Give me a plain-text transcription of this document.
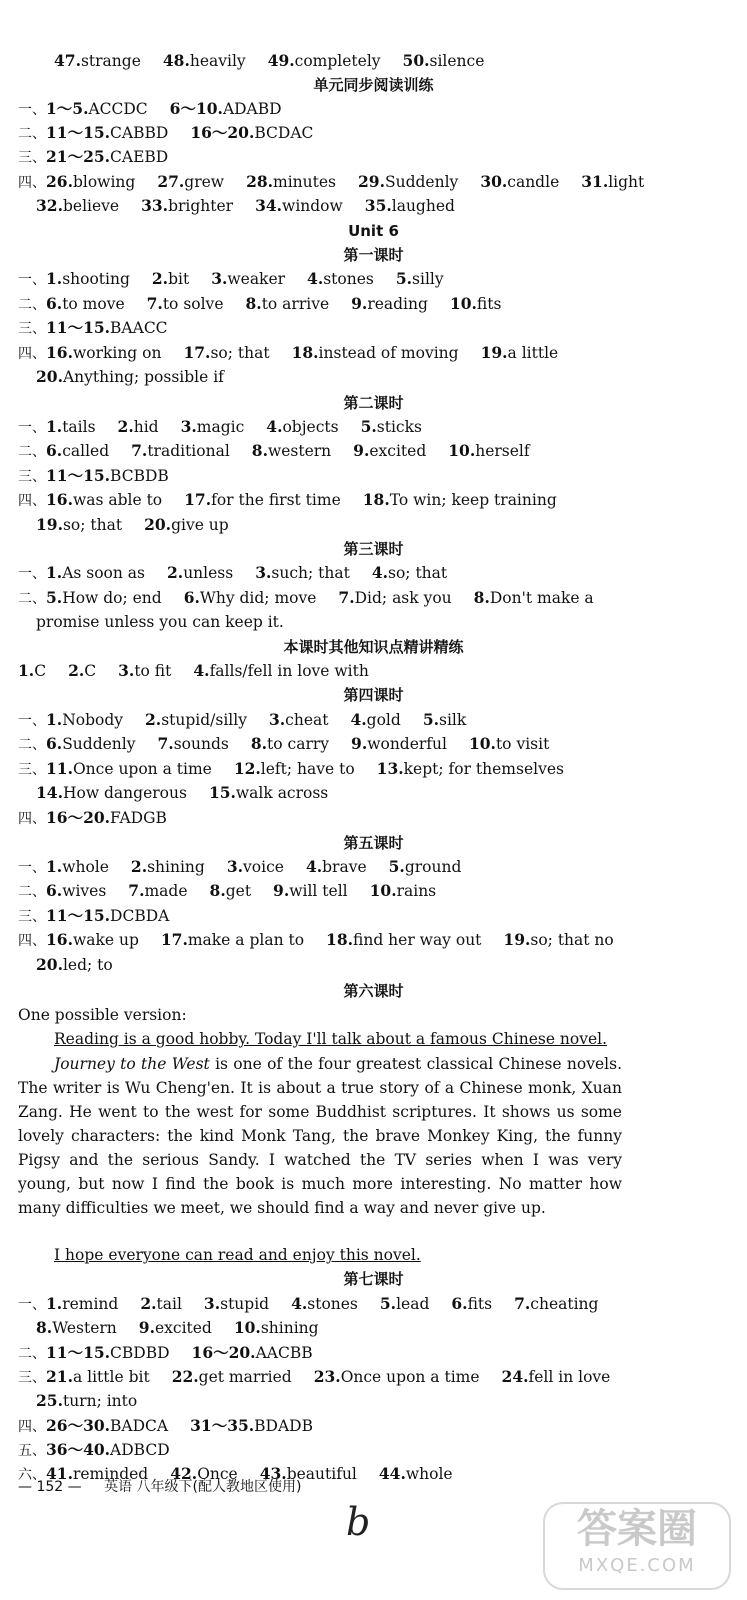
47.strange 48.heavily 49.completely 50.silence
单元同步阅读训练
一、1～5.ACCDC 6～10.ADABD
二、11～15.CABBD 16～20.BCDAC
三、21～25.CAEBD
四、26.blowing 27.grew 28.minutes 29.Suddenly 30.candle 31.light
32.believe 33.brighter 34.window 35.laughed
Unit 6
第一课时
一、1.shooting 2.bit 3.weaker 4.stones 5.silly
二、6.to move 7.to solve 8.to arrive 9.reading 10.fits
三、11～15.BAACC
四、16.working on 17.so; that 18.instead of moving 19.a little
20.Anything; possible if
第二课时
一、1.tails 2.hid 3.magic 4.objects 5.sticks
二、6.called 7.traditional 8.western 9.excited 10.herself
三、11～15.BCBDB
四、16.was able to 17.for the first time 18.To win; keep training
19.so; that 20.give up
第三课时
一、1.As soon as 2.unless 3.such; that 4.so; that
二、5.How do; end 6.Why did; move 7.Did; ask you 8.Don't make a
promise unless you can keep it.
本课时其他知识点精讲精练
1.C 2.C 3.to fit 4.falls/fell in love with
第四课时
一、1.Nobody 2.stupid/silly 3.cheat 4.gold 5.silk
二、6.Suddenly 7.sounds 8.to carry 9.wonderful 10.to visit
三、11.Once upon a time 12.left; have to 13.kept; for themselves
14.How dangerous 15.walk across
四、16～20.FADGB
第五课时
一、1.whole 2.shining 3.voice 4.brave 5.ground
二、6.wives 7.made 8.get 9.will tell 10.rains
三、11～15.DCBDA
四、16.wake up 17.make a plan to 18.find her way out 19.so; that no
20.led; to
第六课时
One possible version:
Reading is a good hobby. Today I'll talk about a famous Chinese novel.
Journey to the West is one of the four greatest classical Chinese novels. The writer is Wu Cheng'en. It is about a true story of a Chinese monk, Xuan Zang. He went to the west for some Buddhist scriptures. It shows us some lovely characters: the kind Monk Tang, the brave Monkey King, the funny Pigsy and the serious Sandy. I watched the TV series when I was very young, but now I find the book is much more interesting. No matter how many difficulties we meet, we should find a way and never give up.
I hope everyone can read and enjoy this novel.
第七课时
一、1.remind 2.tail 3.stupid 4.stones 5.lead 6.fits 7.cheating
8.Western 9.excited 10.shining
二、11～15.CBDBD 16～20.AACBB
三、21.a little bit 22.get married 23.Once upon a time 24.fell in love
25.turn; into
四、26～30.BADCA 31～35.BDADB
五、36～40.ADBCD
六、41.reminded 42.Once 43.beautiful 44.whole
— 152 — 英语 八年级下(配人教地区使用)
b	答案圈
MXQE.COM
